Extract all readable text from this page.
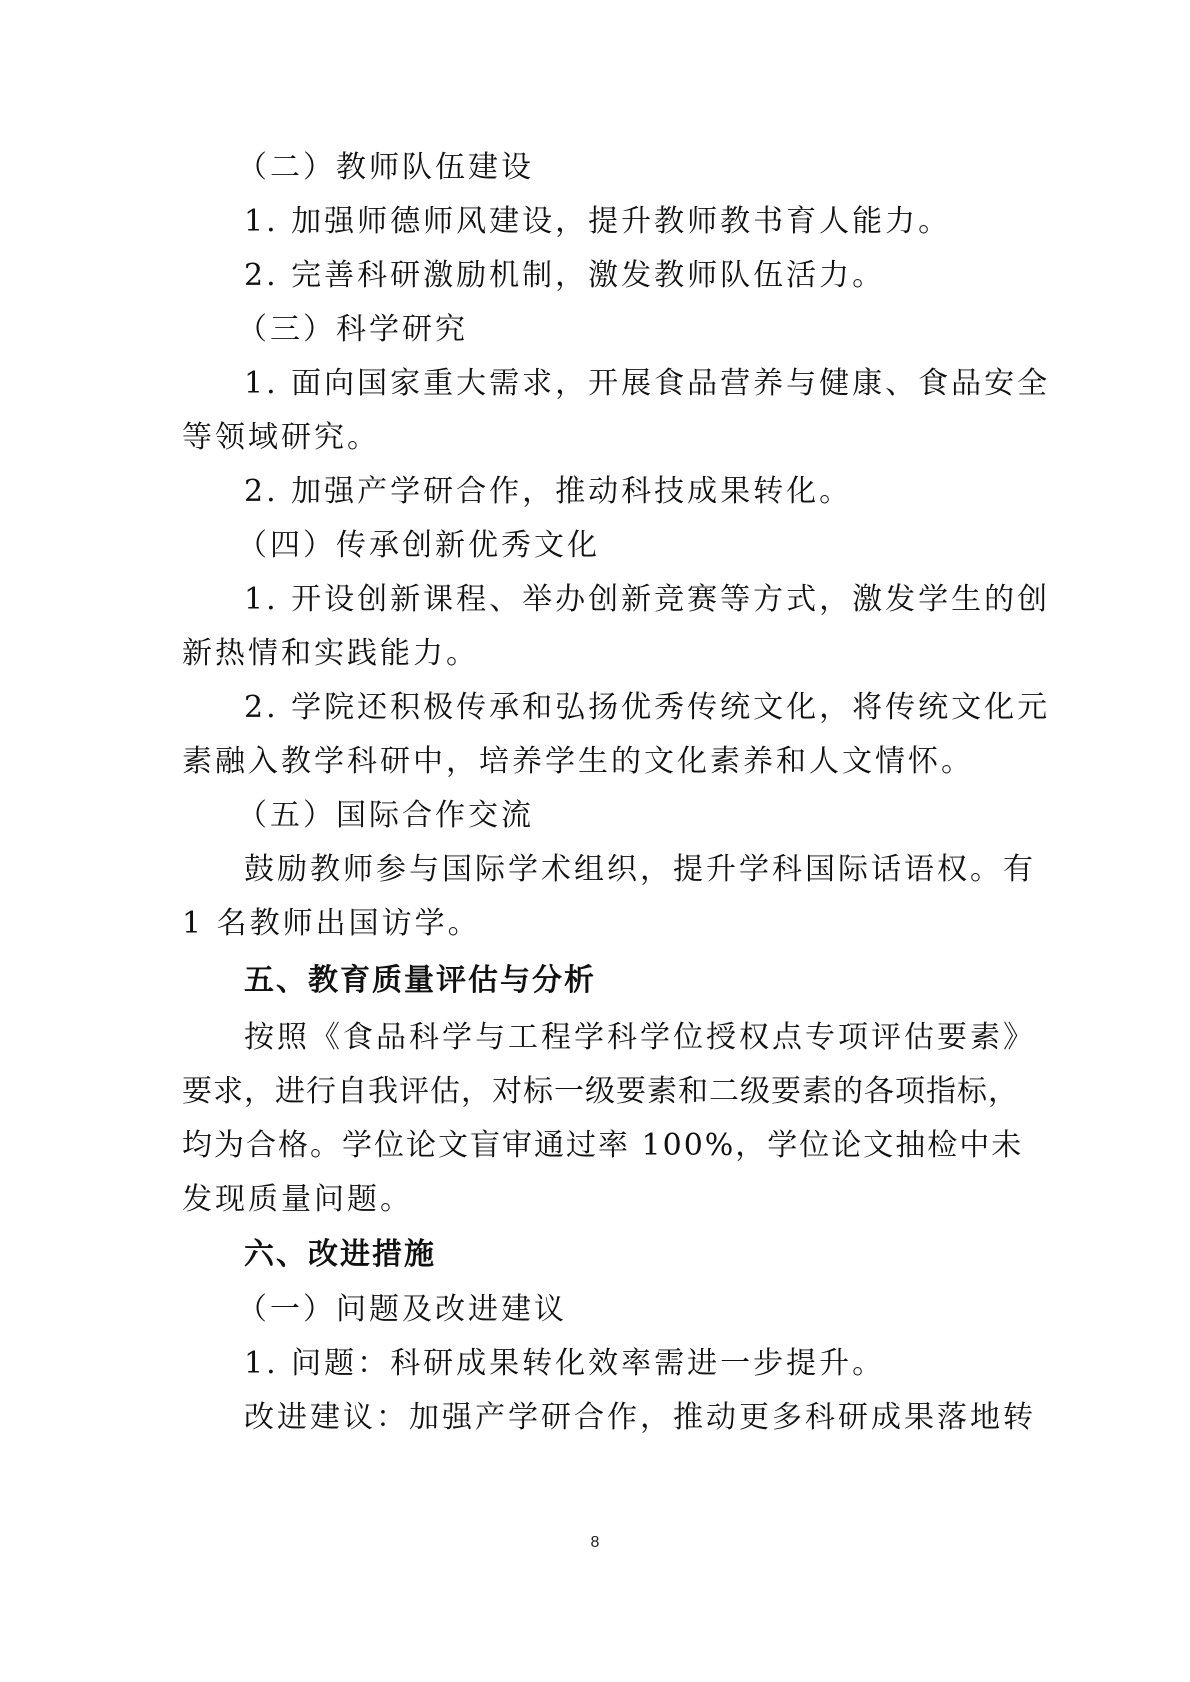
（二）教师队伍建设
1. 加强师德师风建设，提升教师教书育人能力。
2. 完善科研激励机制，激发教师队伍活力。
（三）科学研究
1. 面向国家重大需求，开展食品营养与健康、食品安全
等领域研究。
2. 加强产学研合作，推动科技成果转化。
（四）传承创新优秀文化
1. 开设创新课程、举办创新竞赛等方式，激发学生的创
新热情和实践能力。
2. 学院还积极传承和弘扬优秀传统文化，将传统文化元
素融入教学科研中，培养学生的文化素养和人文情怀。
（五）国际合作交流
鼓励教师参与国际学术组织，提升学科国际话语权。有
1 名教师出国访学。
五、教育质量评估与分析
按照《食品科学与工程学科学位授权点专项评估要素》
要求，进行自我评估，对标一级要素和二级要素的各项指标，
均为合格。学位论文盲审通过率 100%，学位论文抽检中未
发现质量问题。
六、改进措施
（一）问题及改进建议
1. 问题：科研成果转化效率需进一步提升。
改进建议：加强产学研合作，推动更多科研成果落地转
8
